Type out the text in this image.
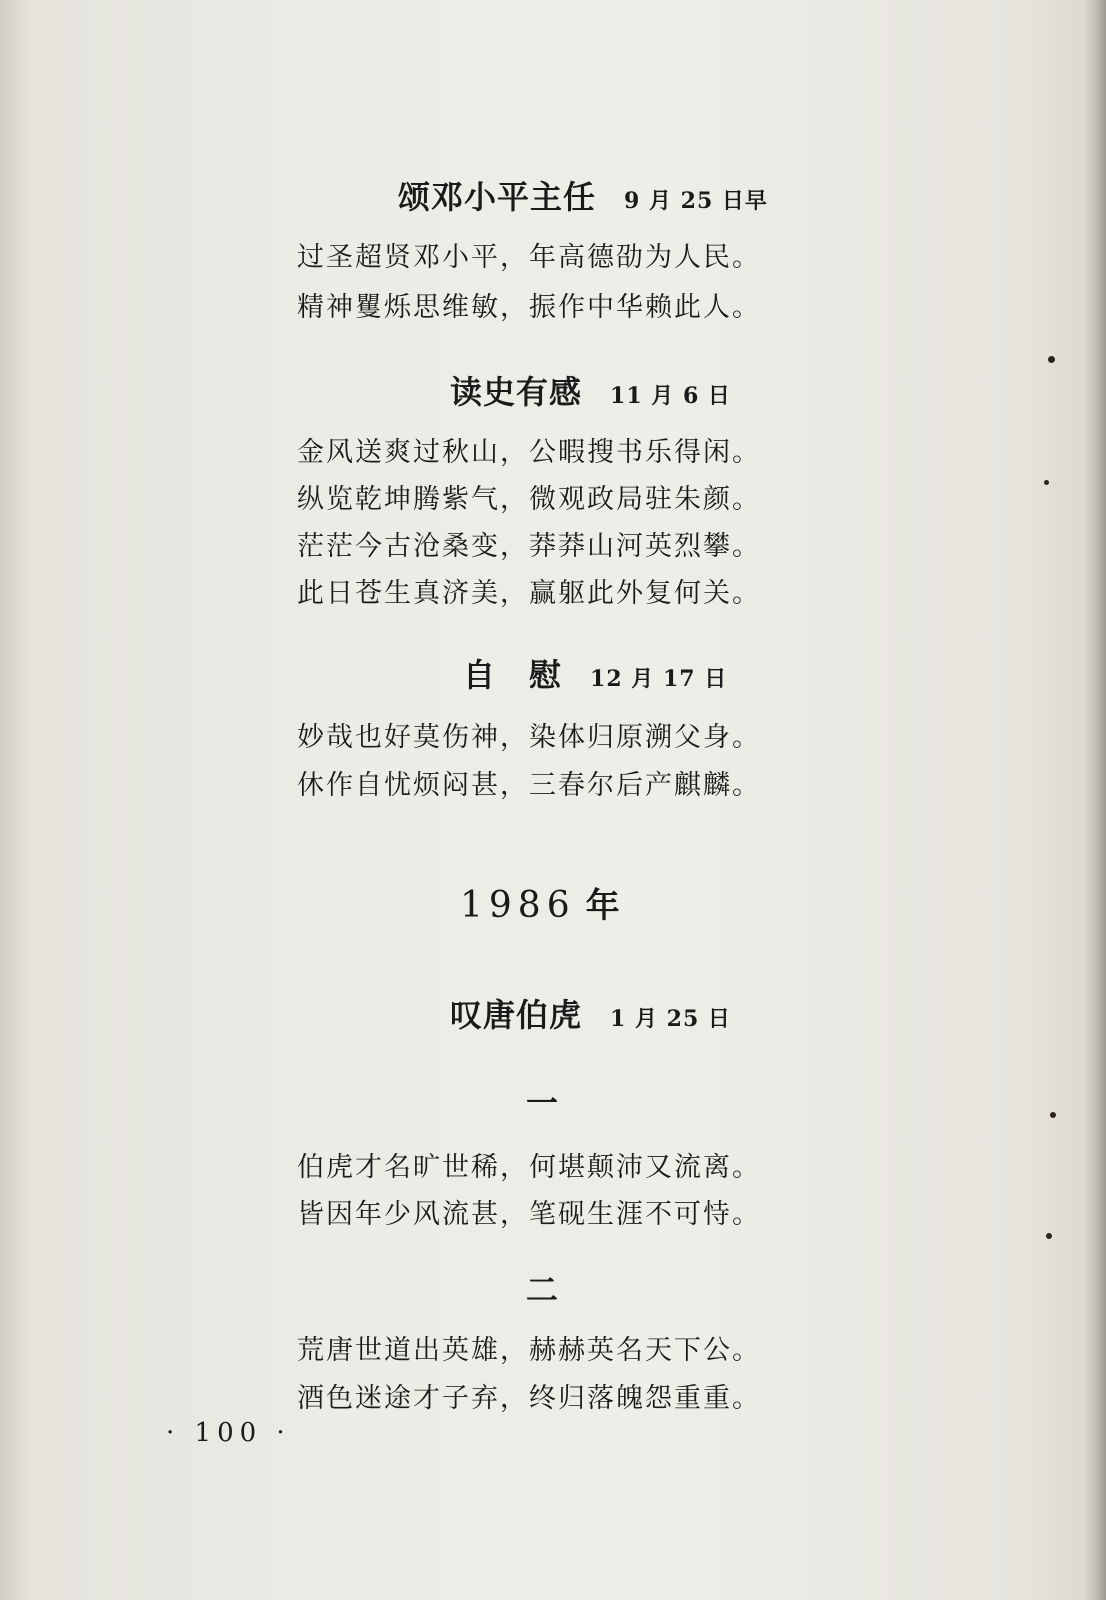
颂邓小平主任 9 月 25 日早
过圣超贤邓小平，年高德劭为人民。
精神矍烁思维敏，振作中华赖此人。
读史有感 11 月 6 日
金风送爽过秋山，公暇搜书乐得闲。
纵览乾坤腾紫气，微观政局驻朱颜。
茫茫今古沧桑变，莽莽山河英烈攀。
此日苍生真济美，赢躯此外复何关。
自　慰 12 月 17 日
妙哉也好莫伤神，染体归原溯父身。
休作自忧烦闷甚，三春尔后产麒麟。
1986 年
叹唐伯虎 1 月 25 日
一
伯虎才名旷世稀，何堪颠沛又流离。
皆因年少风流甚，笔砚生涯不可恃。
二
荒唐世道出英雄，赫赫英名天下公。
酒色迷途才子弃，终归落魄怨重重。
· 100 ·
